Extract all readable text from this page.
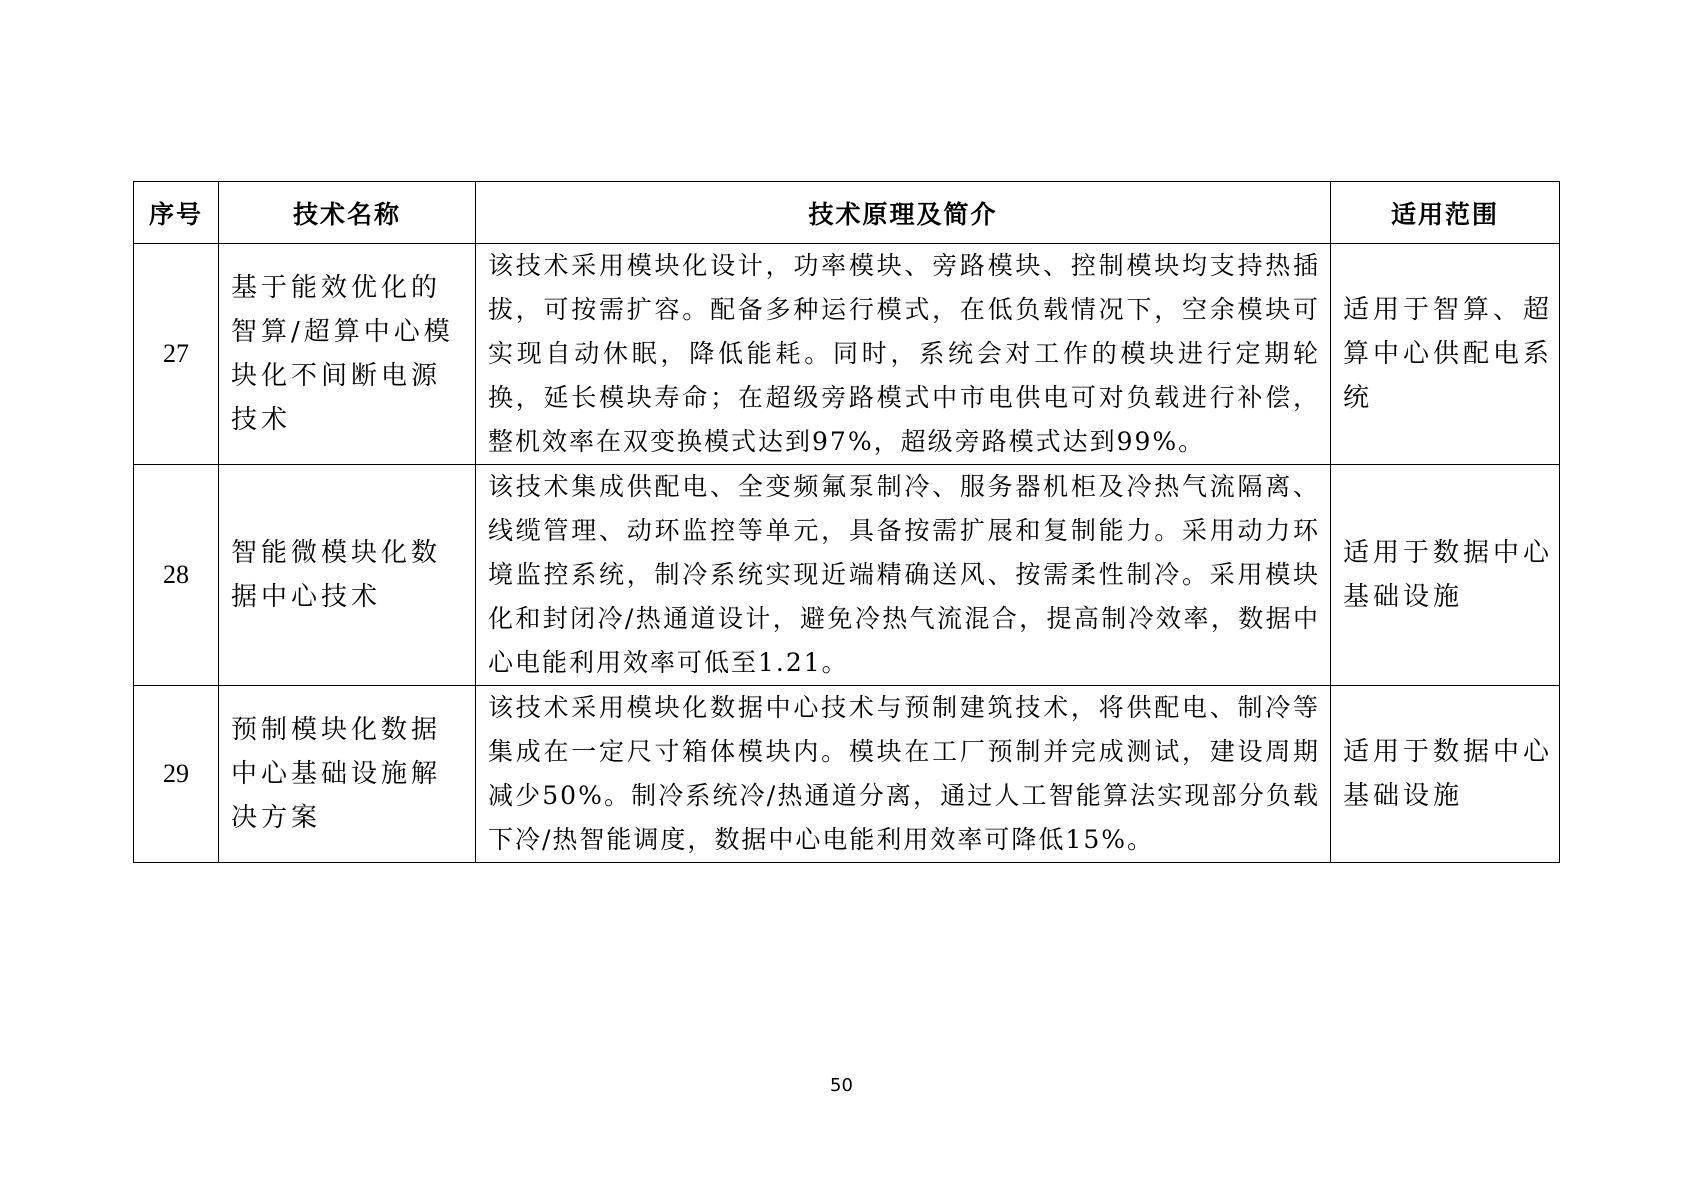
序号	技术名称	技术原理及简介	适用范围
27	基于能效优化的智算/超算中心模块化不间断电源技术	该技术采用模块化设计，功率模块、旁路模块、控制模块均支持热插拔，可按需扩容。配备多种运行模式，在低负载情况下，空余模块可实现自动休眠，降低能耗。同时，系统会对工作的模块进行定期轮换，延长模块寿命；在超级旁路模式中市电供电可对负载进行补偿，整机效率在双变换模式达到97%，超级旁路模式达到99%。	适用于智算、超算中心供配电系统
28	智能微模块化数据中心技术	该技术集成供配电、全变频氟泵制冷、服务器机柜及冷热气流隔离、线缆管理、动环监控等单元，具备按需扩展和复制能力。采用动力环境监控系统，制冷系统实现近端精确送风、按需柔性制冷。采用模块化和封闭冷/热通道设计，避免冷热气流混合，提高制冷效率，数据中心电能利用效率可低至1.21。	适用于数据中心基础设施
29	预制模块化数据中心基础设施解决方案	该技术采用模块化数据中心技术与预制建筑技术，将供配电、制冷等集成在一定尺寸箱体模块内。模块在工厂预制并完成测试，建设周期减少50%。制冷系统冷/热通道分离，通过人工智能算法实现部分负载下冷/热智能调度，数据中心电能利用效率可降低15%。	适用于数据中心基础设施
50
